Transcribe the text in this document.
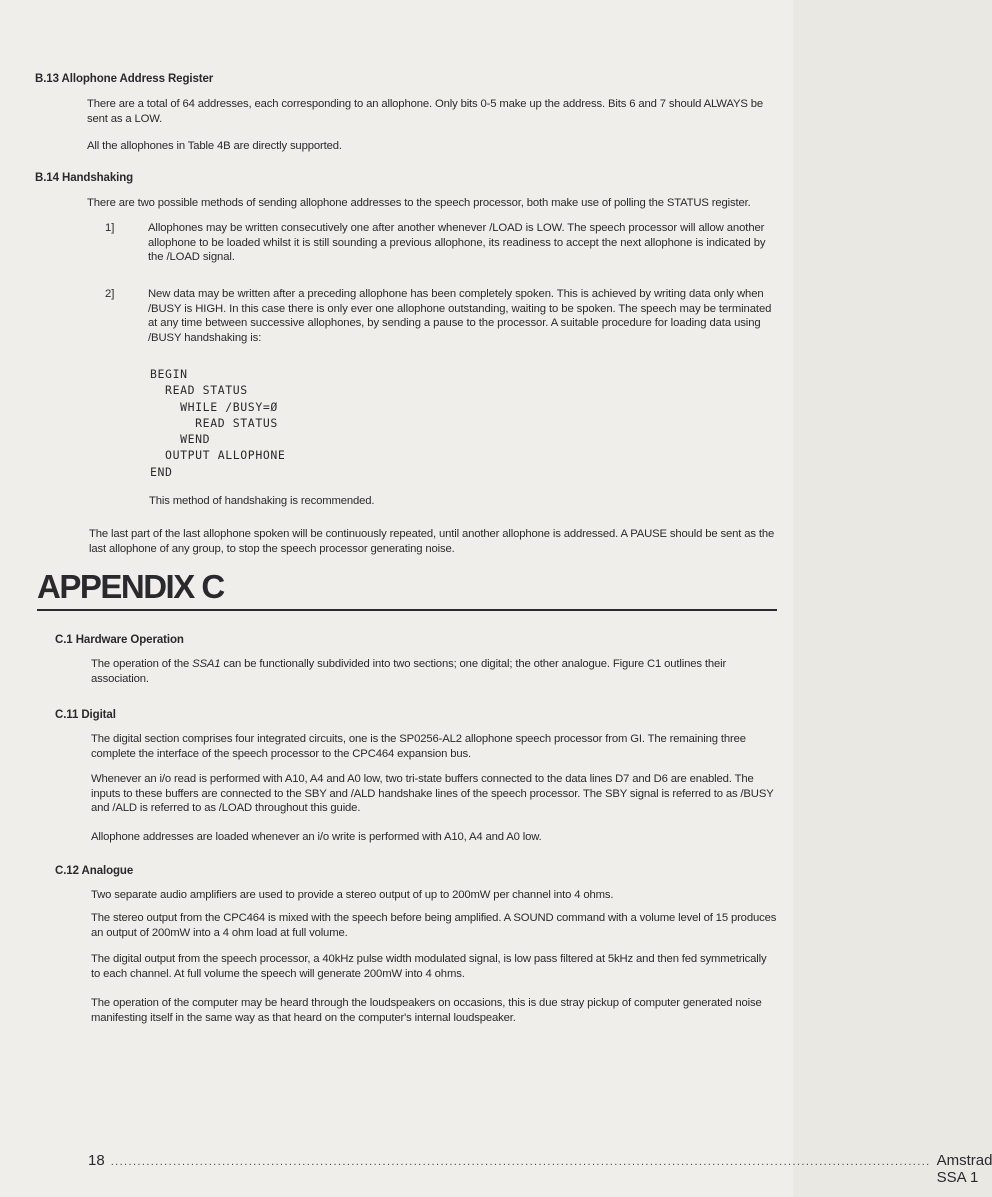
B.13 Allophone Address Register
There are a total of 64 addresses, each corresponding to an allophone. Only bits 0-5 make up the address. Bits 6 and 7 should ALWAYS be sent as a LOW.
All the allophones in Table 4B are directly supported.
B.14 Handshaking
There are two possible methods of sending allophone addresses to the speech processor, both make use of polling the STATUS register.
1]	Allophones may be written consecutively one after another whenever /LOAD is LOW. The speech processor will allow another allophone to be loaded whilst it is still sounding a previous allophone, its readiness to accept the next allophone is indicated by the /LOAD signal.
2]	New data may be written after a preceding allophone has been completely spoken. This is achieved by writing data only when /BUSY is HIGH. In this case there is only ever one allophone outstanding, waiting to be spoken. The speech may be terminated at any time between successive allophones, by sending a pause to the processor. A suitable procedure for loading data using /BUSY handshaking is:
BEGIN
READ STATUS
WHILE /BUSY=Ø
READ STATUS
WEND
OUTPUT ALLOPHONE
END
This method of handshaking is recommended.
The last part of the last allophone spoken will be continuously repeated, until another allophone is addressed. A PAUSE should be sent as the last allophone of any group, to stop the speech processor generating noise.
APPENDIX C
C.1 Hardware Operation
The operation of the SSA1 can be functionally subdivided into two sections; one digital; the other analogue. Figure C1 outlines their association.
C.11 Digital
The digital section comprises four integrated circuits, one is the SP0256-AL2 allophone speech processor from GI. The remaining three complete the interface of the speech processor to the CPC464 expansion bus.
Whenever an i/o read is performed with A10, A4 and A0 low, two tri-state buffers connected to the data lines D7 and D6 are enabled. The inputs to these buffers are connected to the SBY and /ALD handshake lines of the speech processor. The SBY signal is referred to as /BUSY and /ALD is referred to as /LOAD throughout this guide.
Allophone addresses are loaded whenever an i/o write is performed with A10, A4 and A0 low.
C.12 Analogue
Two separate audio amplifiers are used to provide a stereo output of up to 200mW per channel into 4 ohms.
The stereo output from the CPC464 is mixed with the speech before being amplified. A SOUND command with a volume level of 15 produces an output of 200mW into a 4 ohm load at full volume.
The digital output from the speech processor, a 40kHz pulse width modulated signal, is low pass filtered at 5kHz and then fed symmetrically to each channel. At full volume the speech will generate 200mW into 4 ohms.
The operation of the computer may be heard through the loudspeakers on occasions, this is due stray pickup of computer generated noise manifesting itself in the same way as that heard on the computer's internal loudspeaker.
18 ........................................................................................................................................................................................ Amstrad SSA 1
